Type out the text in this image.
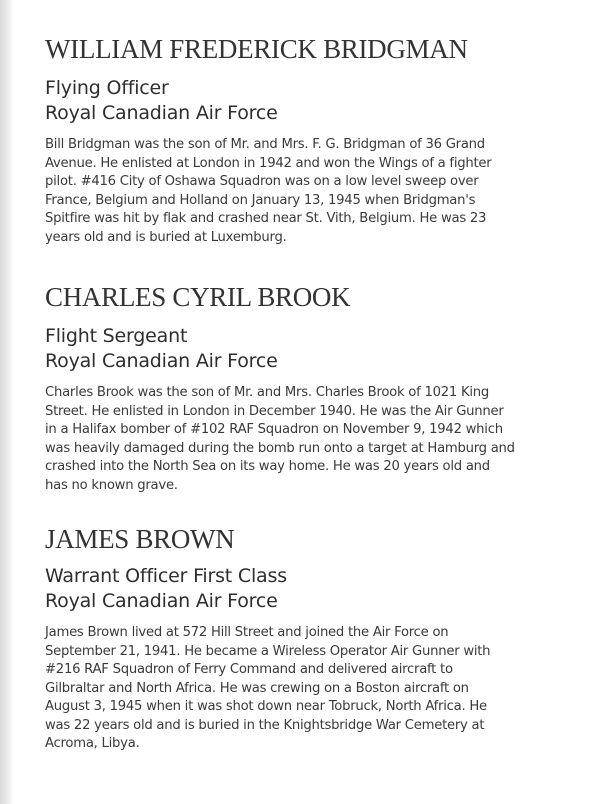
WILLIAM FREDERICK BRIDGMAN

Flying Officer

Royal Canadian Air Force

Bill Bridgman was the son of Mr. and Mrs. F. G. Bridgman of 36 Grand
Avenue. He enlisted at London in 1942 and won the Wings of a fighter
pilot. #416 City of Oshawa Squadron was on a low level sweep over
France, Belgium and Holland on January 13, 1945 when Bridgman's
Spitfire was hit by flak and crashed near St. Vith, Belgium. He was 23
years old and is buried at Luxemburg.

CHARLES CYRIL BROOK

Flight Sergeant

Royal Canadian Air Force

Charles Brook was the son of Mr. and Mrs. Charles Brook of 1021 King
Street. He enlisted in London in December 1940. He was the Air Gunner
in a Halifax bomber of #102 RAF Squadron on November 9, 1942 which
was heavily damaged during the bomb run onto a target at Hamburg and
crashed into the North Sea on its way home. He was 20 years old and
has no known grave.

JAMES BROWN

Warrant Officer First Class

Royal Canadian Air Force

James Brown lived at 572 Hill Street and joined the Air Force on
September 21, 1941. He became a Wireless Operator Air Gunner with
#216 RAF Squadron of Ferry Command and delivered aircraft to
Gilbraltar and North Africa. He was crewing on a Boston aircraft on
August 3, 1945 when it was shot down near Tobruck, North Africa. He
was 22 years old and is buried in the Knightsbridge War Cemetery at
Acroma, Libya.
